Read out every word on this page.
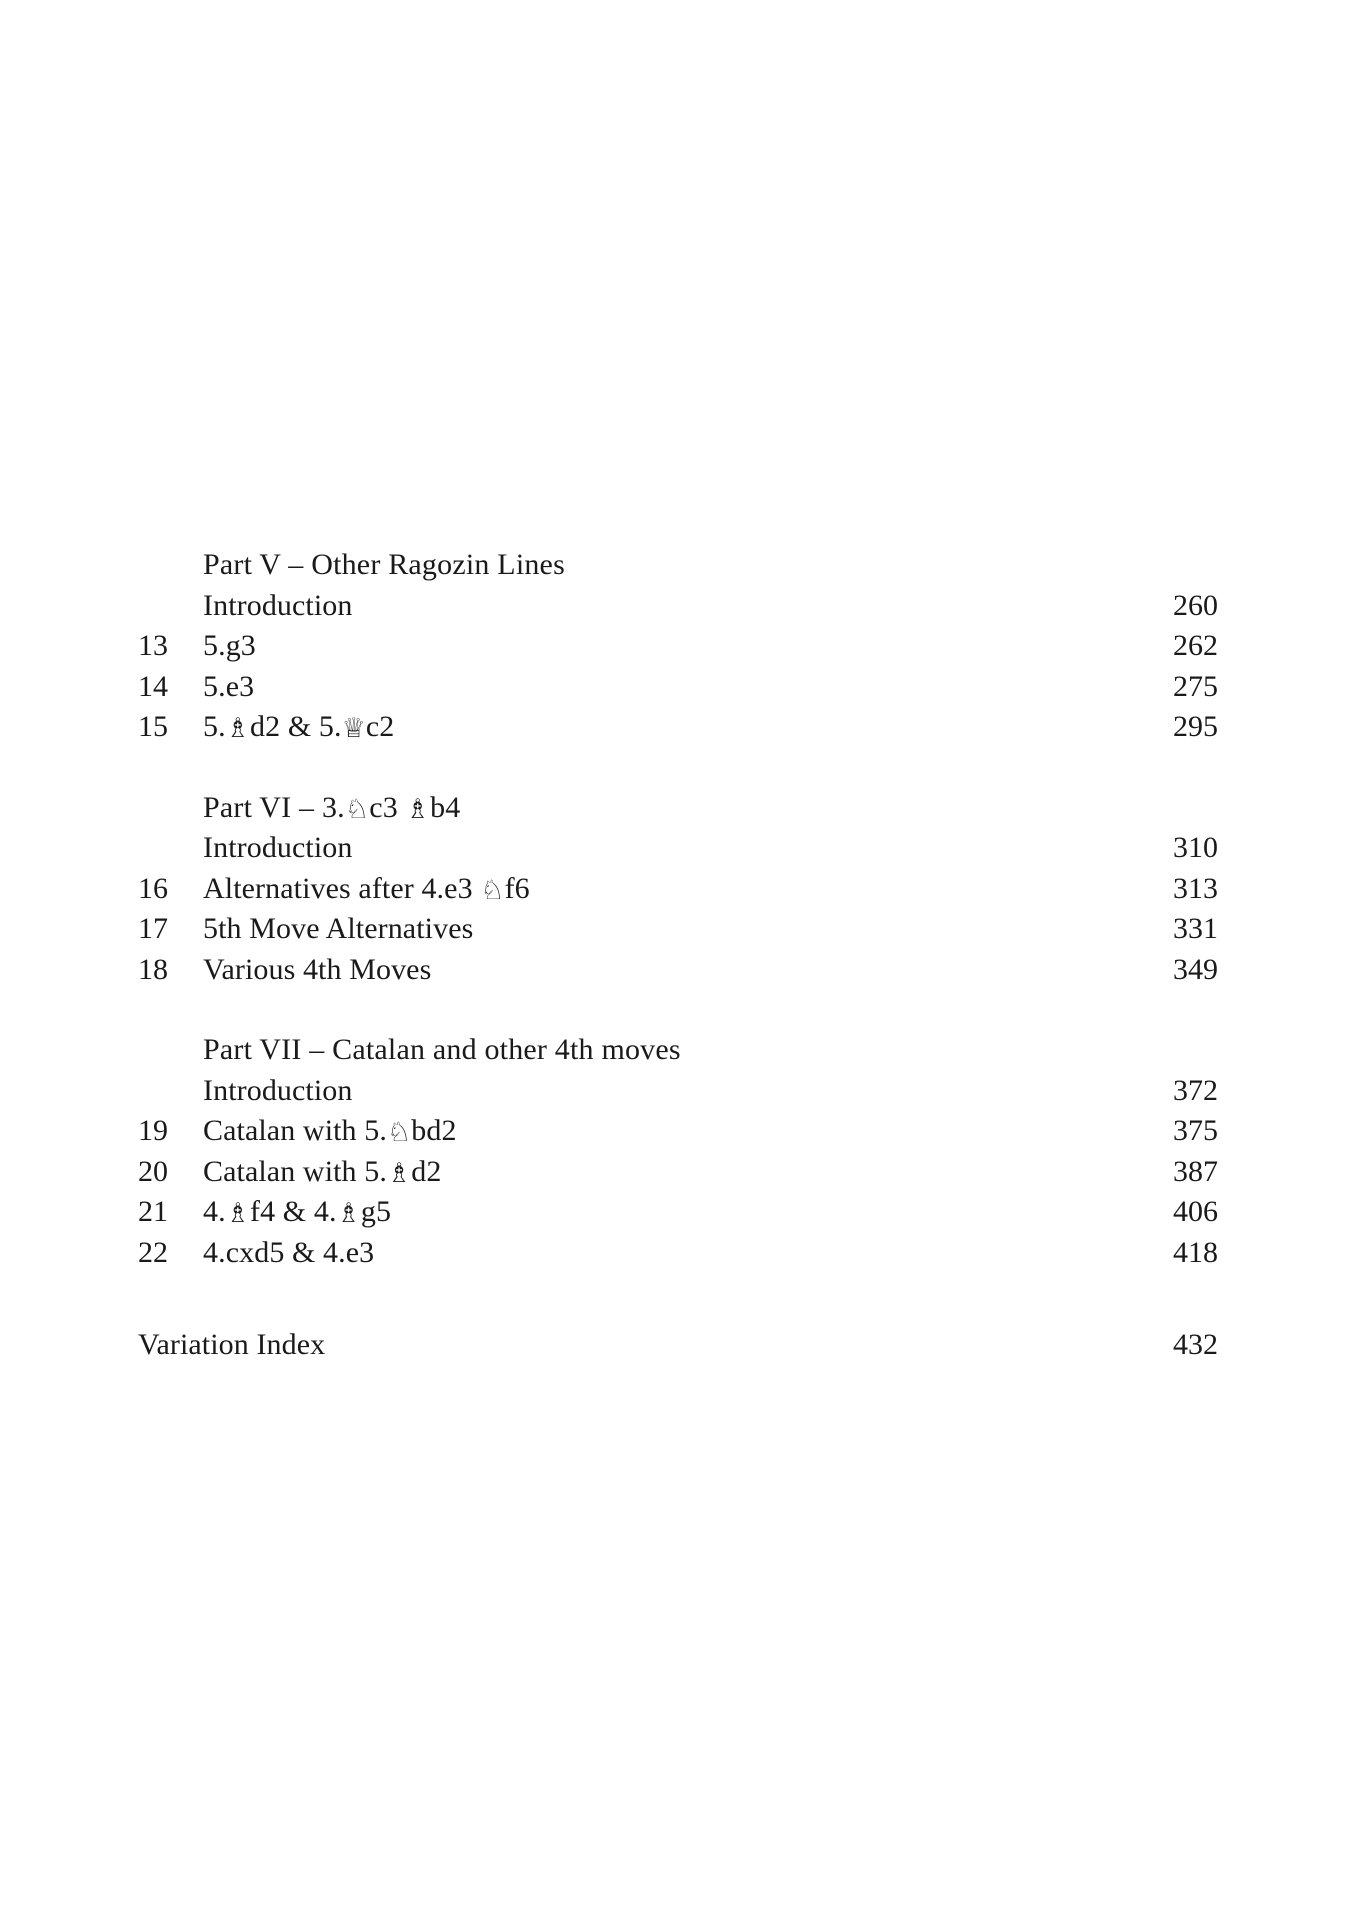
Part V – Other Ragozin Lines
Introduction	260
13	5.g3	262
14	5.e3	275
15	5.♗d2 & 5.♕c2	295
Part VI – 3.♘c3 ♗b4
Introduction	310
16	Alternatives after 4.e3 ♘f6	313
17	5th Move Alternatives	331
18	Various 4th Moves	349
Part VII – Catalan and other 4th moves
Introduction	372
19	Catalan with 5.♘bd2	375
20	Catalan with 5.♗d2	387
21	4.♗f4 & 4.♗g5	406
22	4.cxd5 & 4.e3	418
Variation Index	432
